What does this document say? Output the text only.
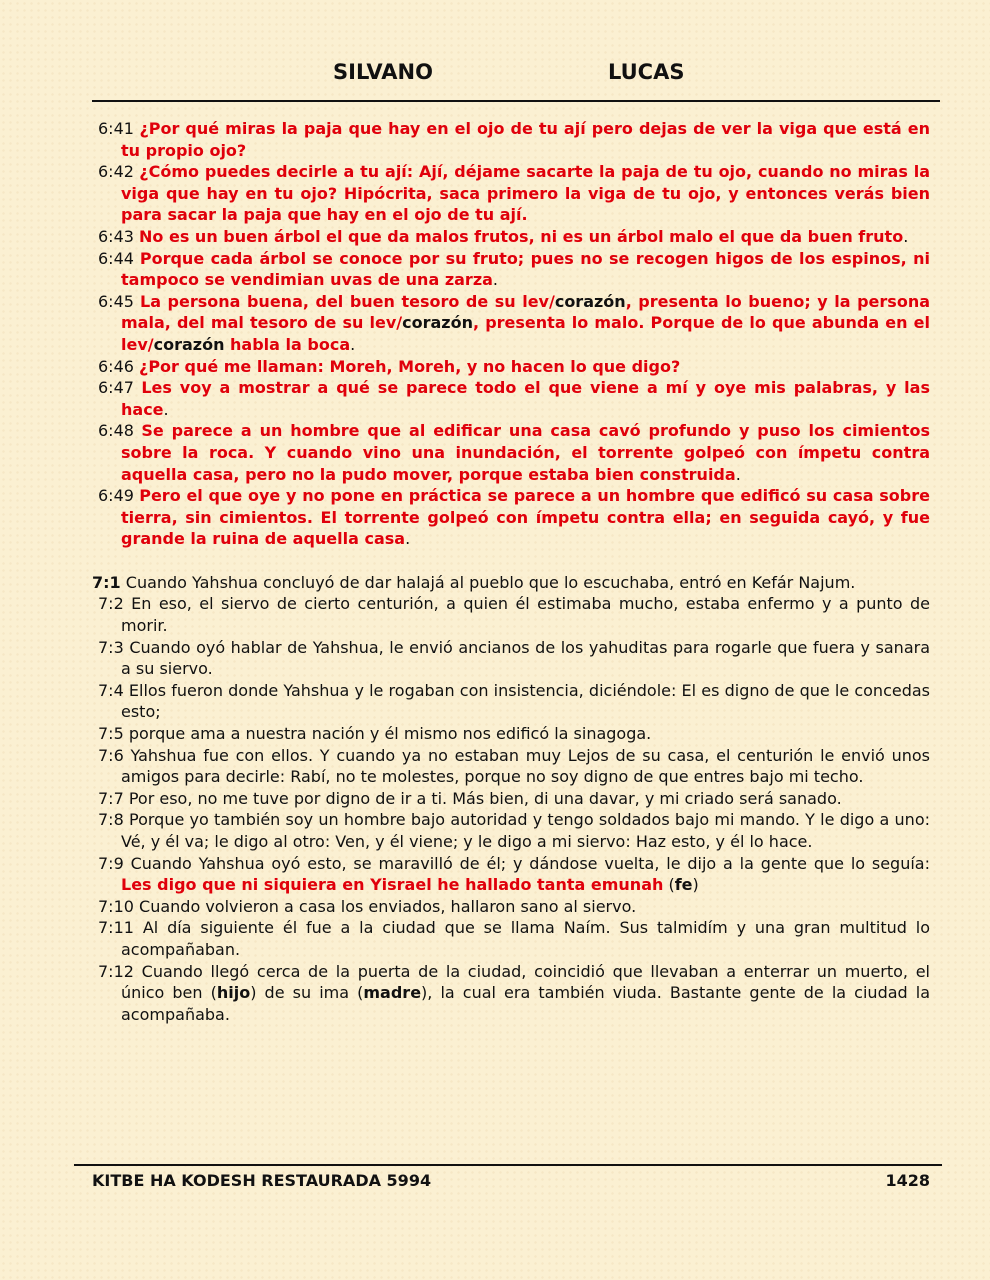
SILVANO	LUCAS

6:41 ¿Por qué miras la paja que hay en el ojo de tu ají pero dejas de ver la viga que está en tu propio ojo?

6:42 ¿Cómo puedes decirle a tu ají: Ají, déjame sacarte la paja de tu ojo, cuando no miras la viga que hay en tu ojo? Hipócrita, saca primero la viga de tu ojo, y entonces verás bien para sacar la paja que hay en el ojo de tu ají.

6:43 No es un buen árbol el que da malos frutos, ni es un árbol malo el que da buen fruto.

6:44 Porque cada árbol se conoce por su fruto; pues no se recogen higos de los espinos, ni tampoco se vendimian uvas de una zarza.

6:45 La persona buena, del buen tesoro de su lev/corazón, presenta lo bueno; y la persona mala, del mal tesoro de su lev/corazón, presenta lo malo. Porque de lo que abunda en el lev/corazón habla la boca.

6:46 ¿Por qué me llaman: Moreh, Moreh, y no hacen lo que digo?

6:47 Les voy a mostrar a qué se parece todo el que viene a mí y oye mis palabras, y las hace.

6:48 Se parece a un hombre que al edificar una casa cavó profundo y puso los cimientos sobre la roca. Y cuando vino una inundación, el torrente golpeó con ímpetu contra aquella casa, pero no la pudo mover, porque estaba bien construida.

6:49 Pero el que oye y no pone en práctica se parece a un hombre que edificó su casa sobre tierra, sin cimientos. El torrente golpeó con ímpetu contra ella; en seguida cayó, y fue grande la ruina de aquella casa.

7:1 Cuando Yahshua concluyó de dar halajá al pueblo que lo escuchaba, entró en Kefár Najum.

7:2 En eso, el siervo de cierto centurión, a quien él estimaba mucho, estaba enfermo y a punto de morir.

7:3 Cuando oyó hablar de Yahshua, le envió ancianos de los yahuditas para rogarle que fuera y sanara a su siervo.

7:4 Ellos fueron donde Yahshua y le rogaban con insistencia, diciéndole: El es digno de que le concedas esto;

7:5 porque ama a nuestra nación y él mismo nos edificó la sinagoga.

7:6 Yahshua fue con ellos. Y cuando ya no estaban muy Lejos de su casa, el centurión le envió unos amigos para decirle: Rabí, no te molestes, porque no soy digno de que entres bajo mi techo.

7:7 Por eso, no me tuve por digno de ir a ti. Más bien, di una davar, y mi criado será sanado.

7:8 Porque yo también soy un hombre bajo autoridad y tengo soldados bajo mi mando. Y le digo a uno: Vé, y él va; le digo al otro: Ven, y él viene; y le digo a mi siervo: Haz esto, y él lo hace.

7:9 Cuando Yahshua oyó esto, se maravilló de él; y dándose vuelta, le dijo a la gente que lo seguía: Les digo que ni siquiera en Yisrael he hallado tanta emunah (fe)

7:10 Cuando volvieron a casa los enviados, hallaron sano al siervo.

7:11 Al día siguiente él fue a la ciudad que se llama Naím. Sus talmidím y una gran multitud lo acompañaban.

7:12 Cuando llegó cerca de la puerta de la ciudad, coincidió que llevaban a enterrar un muerto, el único ben (hijo) de su ima (madre), la cual era también viuda. Bastante gente de la ciudad la acompañaba.

KITBE HA KODESH RESTAURADA 5994	1428
